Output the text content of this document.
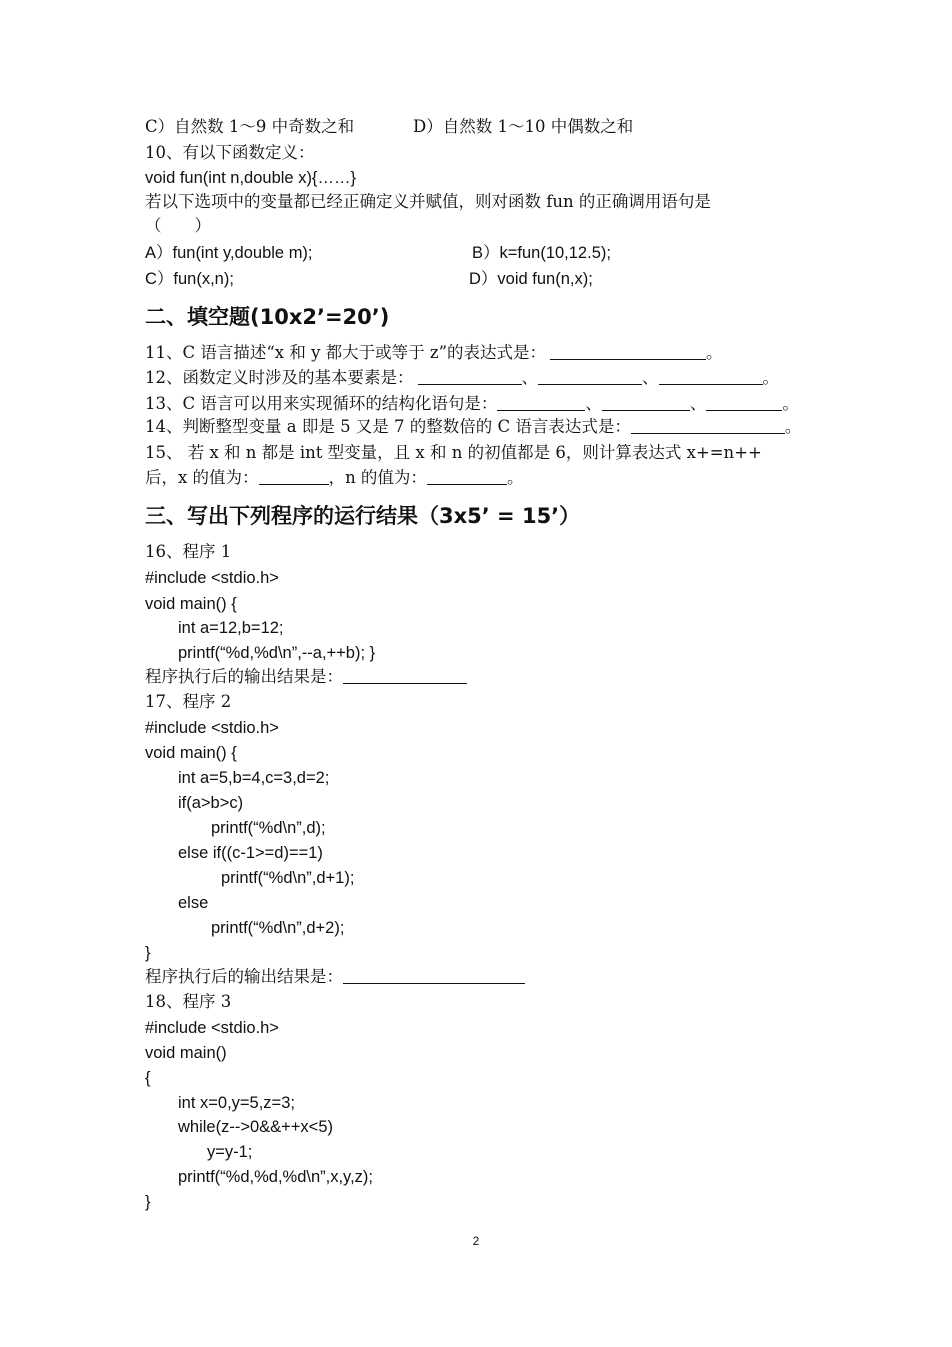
C）自然数 1～9 中奇数之和	D）自然数 1～10 中偶数之和
10、有以下函数定义：
void fun(int n,double x){……}
若以下选项中的变量都已经正确定义并赋值，则对函数 fun 的正确调用语句是
（　　）
A）fun(int y,double m);	B）k=fun(10,12.5);
C）fun(x,n);	D）void fun(n,x);
二、填空题(10x2’=20’)
11、C 语言描述“x 和 y 都大于或等于 z”的表达式是：	。
12、函数定义时涉及的基本要素是：	、	、	。
13、C 语言可以用来实现循环的结构化语句是：	、	、	。
14、判断整型变量 a 即是 5 又是 7 的整数倍的 C 语言表达式是：	。
15、 若 x 和 n 都是 int 型变量，且 x 和 n 的初值都是 6，则计算表达式 x+=n++
后，x 的值为：	，n 的值为：	。
三、写出下列程序的运行结果（3x5’ = 15’）
16、程序 1
#include <stdio.h>
void main() {
int a=12,b=12;
printf(“%d,%d\n”,--a,++b); }
程序执行后的输出结果是：
17、程序 2
#include <stdio.h>
void main() {
int a=5,b=4,c=3,d=2;
if(a>b>c)
printf(“%d\n”,d);
else if((c-1>=d)==1)
printf(“%d\n”,d+1);
else
printf(“%d\n”,d+2);
}
程序执行后的输出结果是：
18、程序 3
#include <stdio.h>
void main()
{
int x=0,y=5,z=3;
while(z-->0&&++x<5)
y=y-1;
printf(“%d,%d,%d\n”,x,y,z);
}
2
